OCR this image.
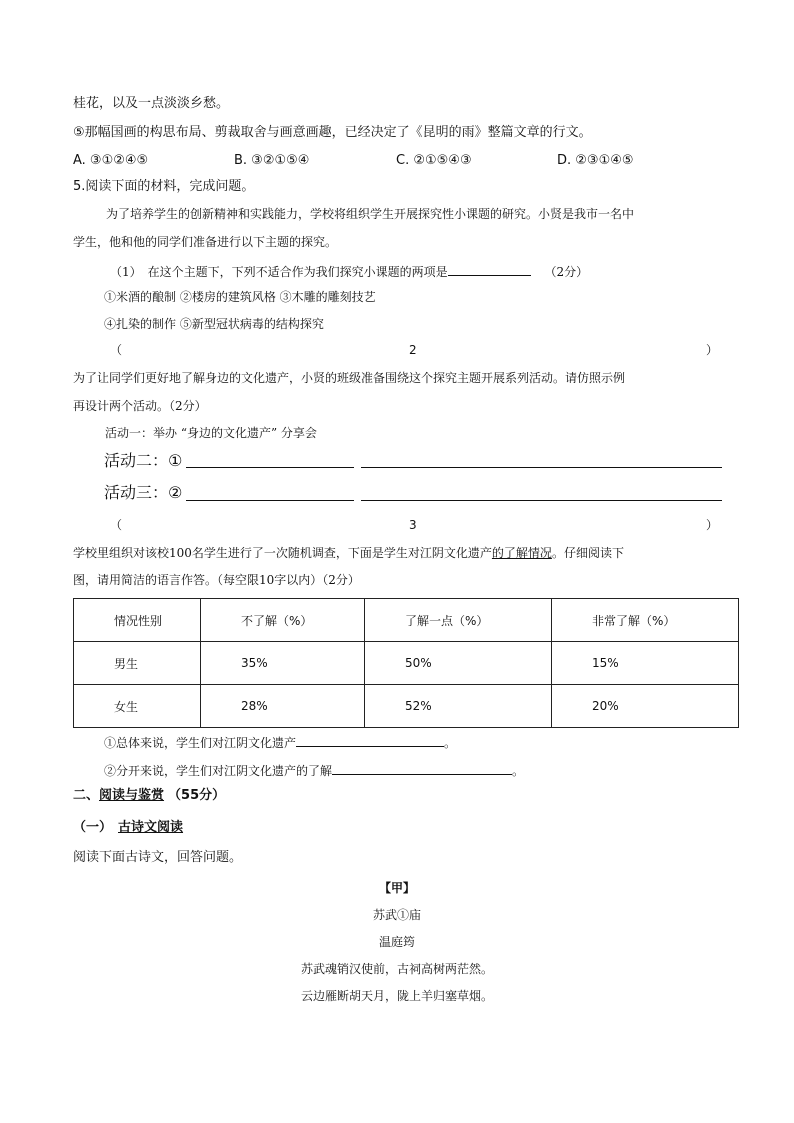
桂花，以及一点淡淡乡愁。
⑤那幅国画的构思布局、剪裁取舍与画意画趣，已经决定了《昆明的雨》整篇文章的行文。
A. ③①②④⑤	B. ③②①⑤④	C. ②①⑤④③	D. ②③①④⑤
5.阅读下面的材料，完成问题。
为了培养学生的创新精神和实践能力，学校将组织学生开展探究性小课题的研究。小贤是我市一名中
学生，他和他的同学们准备进行以下主题的探究。
（1）　在这个主题下，下列不适合作为我们探究小课题的两项是	（2分）
①米酒的酿制 ②楼房的建筑风格 ③木雕的雕刻技艺
④扎染的制作 ⑤新型冠状病毒的结构探究
（	2	）
为了让同学们更好地了解身边的文化遗产，小贤的班级准备围绕这个探究主题开展系列活动。请仿照示例
再设计两个活动。（2分）
活动一：举办 “身边的文化遗产” 分享会
活动二：①
活动三：②
（	3	）
学校里组织对该校100名学生进行了一次随机调查，下面是学生对江阴文化遗产的了解情况。仔细阅读下
图，请用简洁的语言作答。（每空限10字以内）（2分）
情况性别	不了解（%）	了解一点（%）	非常了解（%）
男生	35%	50%	15%
女生	28%	52%	20%
①总体来说，学生们对江阴文化遗产	。
②分开来说，学生们对江阴文化遗产的了解	。
二、阅读与鉴赏 （55分）
（一） 古诗文阅读
阅读下面古诗文，回答问题。
【甲】
苏武①庙
温庭筠
苏武魂销汉使前，古祠高树两茫然。
云边雁断胡天月，陇上羊归塞草烟。
